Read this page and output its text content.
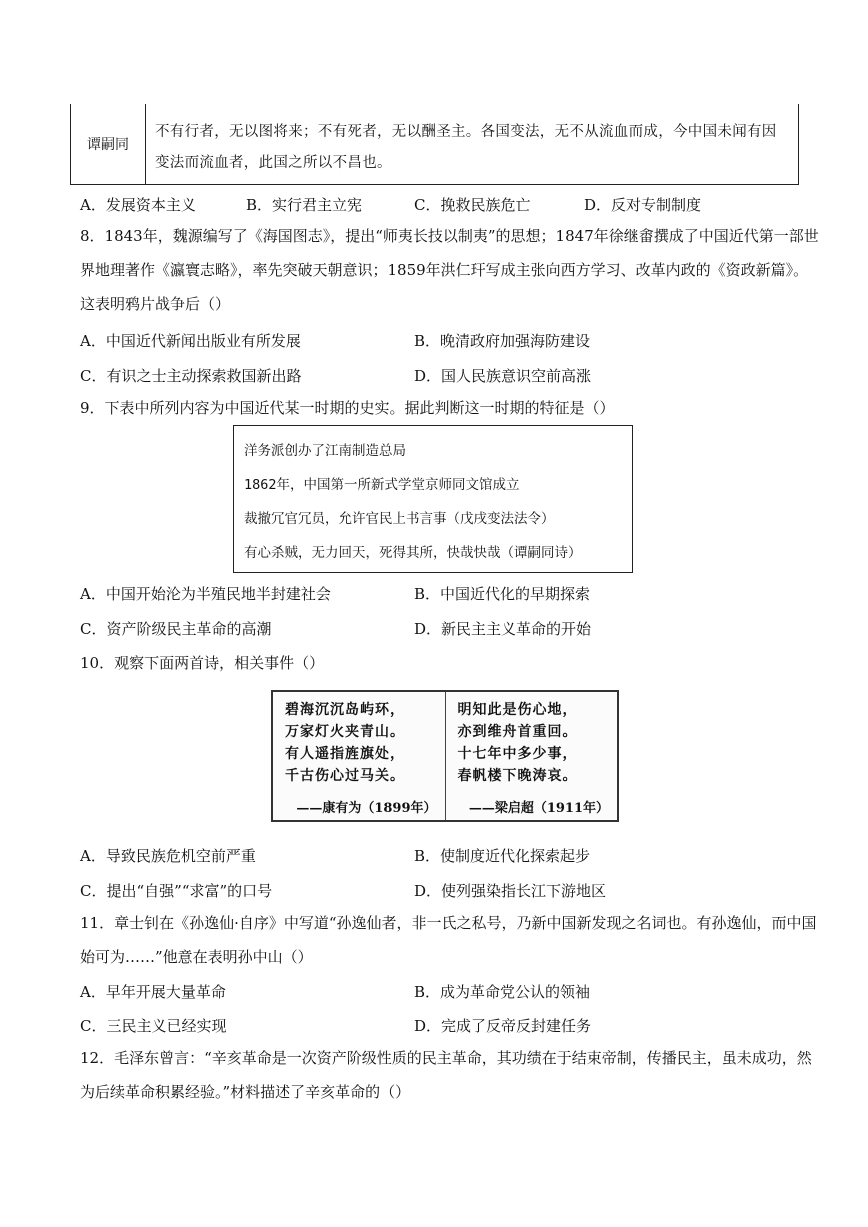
谭嗣同
不有行者，无以图将来；不有死者，无以酬圣主。各国变法，无不从流血而成，今中国未闻有因变法而流血者，此国之所以不昌也。
A．发展资本主义	B．实行君主立宪	C．挽救民族危亡	D．反对专制制度
8．1843年，魏源编写了《海国图志》，提出“师夷长技以制夷”的思想；1847年徐继畬撰成了中国近代第一部世界地理著作《瀛寰志略》，率先突破天朝意识；1859年洪仁玕写成主张向西方学习、改革内政的《资政新篇》。这表明鸦片战争后（）
A．中国近代新闻出版业有所发展	B．晚清政府加强海防建设
C．有识之士主动探索救国新出路	D．国人民族意识空前高涨
9．下表中所列内容为中国近代某一时期的史实。据此判断这一时期的特征是（）
洋务派创办了江南制造总局
1862年，中国第一所新式学堂京师同文馆成立
裁撤冗官冗员，允许官民上书言事（戊戌变法法令）
有心杀贼，无力回天，死得其所，快哉快哉（谭嗣同诗）
A．中国开始沦为半殖民地半封建社会	B．中国近代化的早期探索
C．资产阶级民主革命的高潮	D．新民主主义革命的开始
10．观察下面两首诗，相关事件（）
碧海沉沉岛屿环，
万家灯火夹青山。
有人遥指旌旗处，
千古伤心过马关。
——康有为（1899年）
明知此是伤心地，
亦到维舟首重回。
十七年中多少事，
春帆楼下晚涛哀。
——梁启超（1911年）
A．导致民族危机空前严重	B．使制度近代化探索起步
C．提出“自强”“求富”的口号	D．使列强染指长江下游地区
11．章士钊在《孙逸仙·自序》中写道“孙逸仙者，非一氏之私号，乃新中国新发现之名词也。有孙逸仙，而中国始可为……”他意在表明孙中山（）
A．早年开展大量革命	B．成为革命党公认的领袖
C．三民主义已经实现	D．完成了反帝反封建任务
12．毛泽东曾言：“辛亥革命是一次资产阶级性质的民主革命，其功绩在于结束帝制，传播民主，虽未成功，然为后续革命积累经验。”材料描述了辛亥革命的（）
